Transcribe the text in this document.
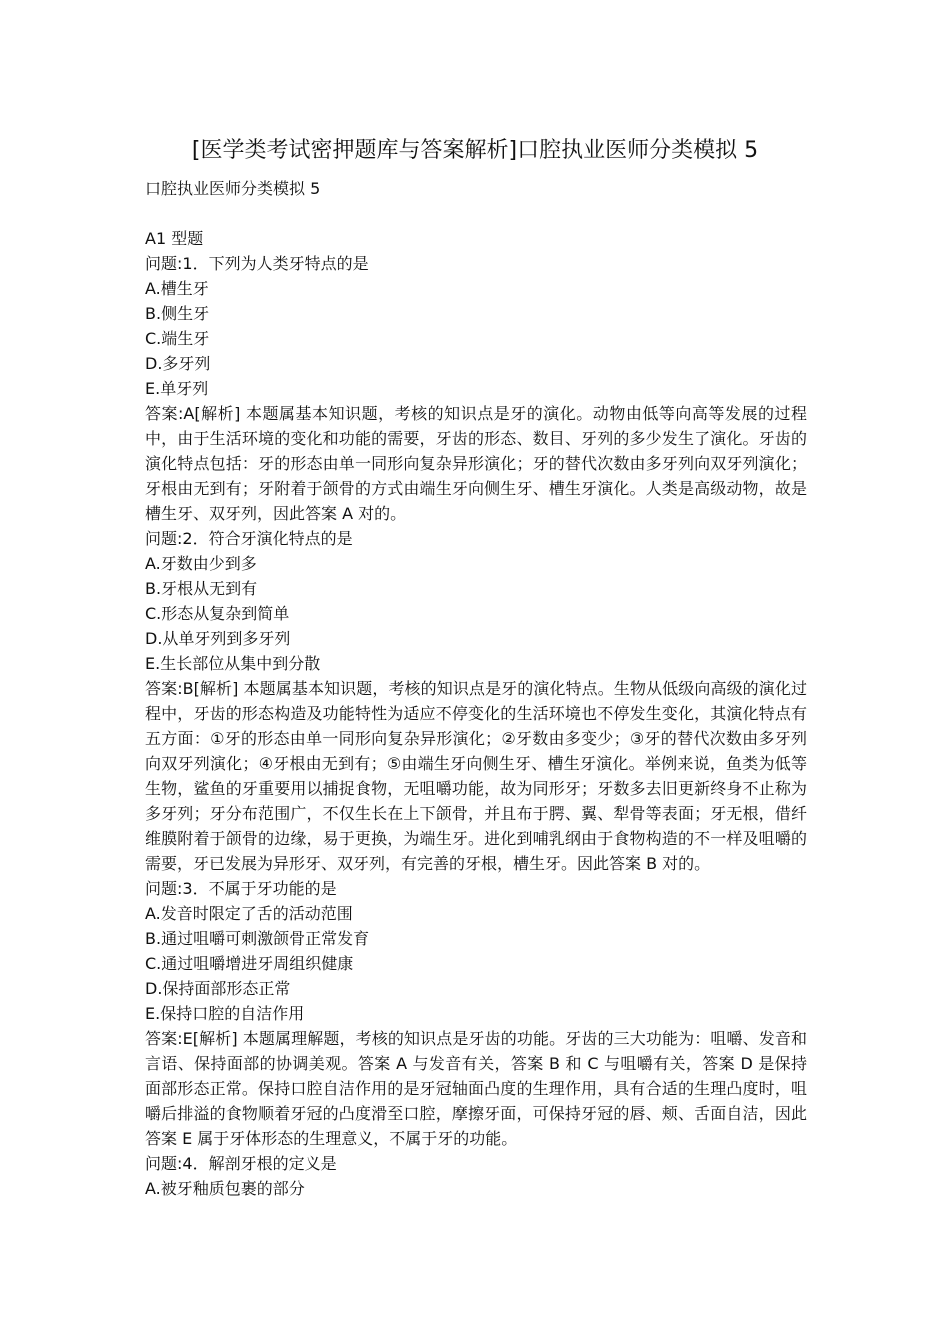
[医学类考试密押题库与答案解析]口腔执业医师分类模拟 5
口腔执业医师分类模拟 5
A1 型题
问题:1．下列为人类牙特点的是
A.槽生牙
B.侧生牙
C.端生牙
D.多牙列
E.单牙列
答案:A[解析] 本题属基本知识题，考核的知识点是牙的演化。动物由低等向高等发展的过程中，由于生活环境的变化和功能的需要，牙齿的形态、数目、牙列的多少发生了演化。牙齿的演化特点包括：牙的形态由单一同形向复杂异形演化；牙的替代次数由多牙列向双牙列演化；牙根由无到有；牙附着于颌骨的方式由端生牙向侧生牙、槽生牙演化。人类是高级动物，故是槽生牙、双牙列，因此答案 A 对的。
问题:2．符合牙演化特点的是
A.牙数由少到多
B.牙根从无到有
C.形态从复杂到简单
D.从单牙列到多牙列
E.生长部位从集中到分散
答案:B[解析] 本题属基本知识题，考核的知识点是牙的演化特点。生物从低级向高级的演化过程中，牙齿的形态构造及功能特性为适应不停变化的生活环境也不停发生变化，其演化特点有五方面：①牙的形态由单一同形向复杂异形演化；②牙数由多变少；③牙的替代次数由多牙列向双牙列演化；④牙根由无到有；⑤由端生牙向侧生牙、槽生牙演化。举例来说，鱼类为低等生物，鲨鱼的牙重要用以捕捉食物，无咀嚼功能，故为同形牙；牙数多去旧更新终身不止称为多牙列；牙分布范围广，不仅生长在上下颌骨，并且布于腭、翼、犁骨等表面；牙无根，借纤维膜附着于颌骨的边缘，易于更换，为端生牙。进化到哺乳纲由于食物构造的不一样及咀嚼的需要，牙已发展为异形牙、双牙列，有完善的牙根，槽生牙。因此答案 B 对的。
问题:3．不属于牙功能的是
A.发音时限定了舌的活动范围
B.通过咀嚼可刺激颌骨正常发育
C.通过咀嚼增进牙周组织健康
D.保持面部形态正常
E.保持口腔的自洁作用
答案:E[解析] 本题属理解题，考核的知识点是牙齿的功能。牙齿的三大功能为：咀嚼、发音和言语、保持面部的协调美观。答案 A 与发音有关，答案 B 和 C 与咀嚼有关，答案 D 是保持面部形态正常。保持口腔自洁作用的是牙冠轴面凸度的生理作用，具有合适的生理凸度时，咀嚼后排溢的食物顺着牙冠的凸度滑至口腔，摩擦牙面，可保持牙冠的唇、颊、舌面自洁，因此答案 E 属于牙体形态的生理意义，不属于牙的功能。
问题:4．解剖牙根的定义是
A.被牙釉质包裹的部分
